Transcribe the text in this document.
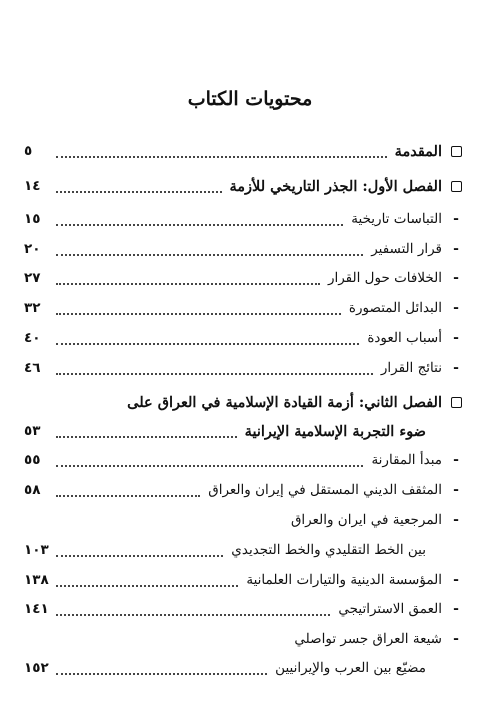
محتويات الكتاب
المقدمة
٥
الفصل الأول: الجذر التاريخي للأزمة
١٤
-
التباسات تاريخية
١٥
-
قرار التسفير
٢٠
-
الخلافات حول القرار
٢٧
-
البدائل المتصورة
٣٢
-
أسباب العودة
٤٠
-
نتائج القرار
٤٦
الفصل الثاني: أزمة القيادة الإسلامية في العراق على
ضوء التجربة الإسلامية الإيرانية
٥٣
-
مبدأ المقارنة
٥٥
-
المثقف الديني المستقل في إيران والعراق
٥٨
-
المرجعية في ايران والعراق
بين الخط التقليدي والخط التجديدي
١٠٣
-
المؤسسة الدينية والتيارات العلمانية
١٣٨
-
العمق الاستراتيجي
١٤١
-
شيعة العراق جسر تواصلي
مضيّع بين العرب والإيرانيين
١٥٢
